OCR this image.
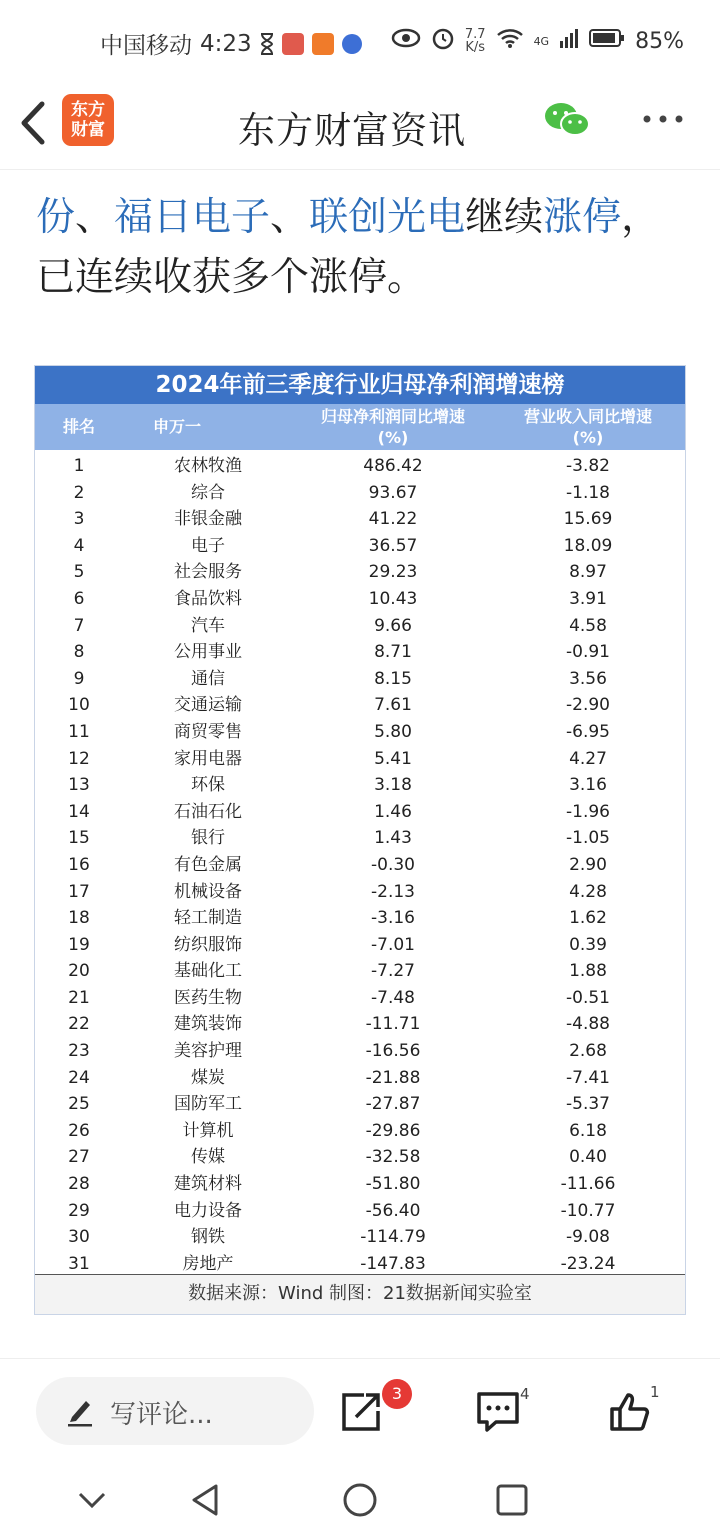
中国移动 4:23	7.7
K/s	4G	85%
东方
财富	东方财富资讯
份、福日电子、联创光电继续涨停，
已连续收获多个涨停。
2024年前三季度行业归母净利润增速榜
排名	申万一
归母净利润同比增速
(%)
营业收入同比增速
(%)
1	农林牧渔	486.42	-3.82
2	综合	93.67	-1.18
3	非银金融	41.22	15.69
4	电子	36.57	18.09
5	社会服务	29.23	8.97
6	食品饮料	10.43	3.91
7	汽车	9.66	4.58
8	公用事业	8.71	-0.91
9	通信	8.15	3.56
10	交通运输	7.61	-2.90
11	商贸零售	5.80	-6.95
12	家用电器	5.41	4.27
13	环保	3.18	3.16
14	石油石化	1.46	-1.96
15	银行	1.43	-1.05
16	有色金属	-0.30	2.90
17	机械设备	-2.13	4.28
18	轻工制造	-3.16	1.62
19	纺织服饰	-7.01	0.39
20	基础化工	-7.27	1.88
21	医药生物	-7.48	-0.51
22	建筑装饰	-11.71	-4.88
23	美容护理	-16.56	2.68
24	煤炭	-21.88	-7.41
25	国防军工	-27.87	-5.37
26	计算机	-29.86	6.18
27	传媒	-32.58	0.40
28	建筑材料	-51.80	-11.66
29	电力设备	-56.40	-10.77
30	钢铁	-114.79	-9.08
31	房地产	-147.83	-23.24
数据来源：Wind 制图：21数据新闻实验室
写评论...
3	4	1
